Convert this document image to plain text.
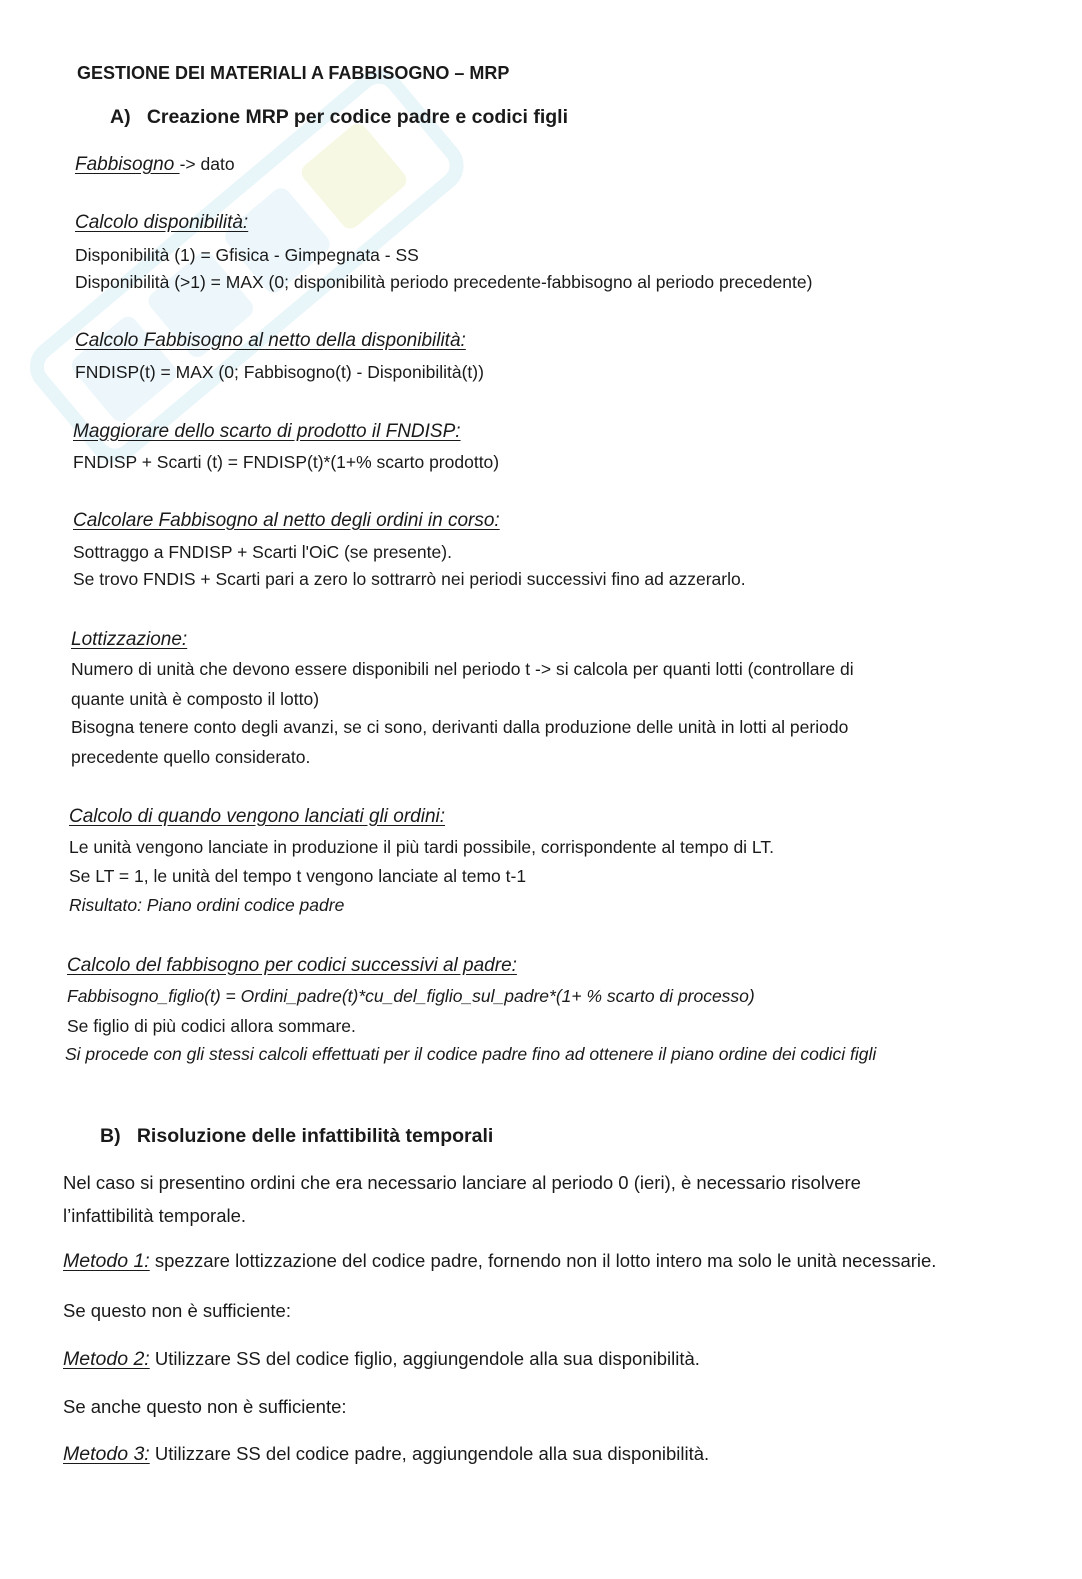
GESTIONE DEI MATERIALI A FABBISOGNO – MRP
A) Creazione MRP per codice padre e codici figli
Fabbisogno -> dato
Calcolo disponibilità:
Disponibilità (1) = Gfisica - Gimpegnata - SS
Disponibilità (>1) = MAX (0; disponibilità periodo precedente-fabbisogno al periodo precedente)
Calcolo Fabbisogno al netto della disponibilità:
FNDISP(t) = MAX (0; Fabbisogno(t) - Disponibilità(t))
Maggiorare dello scarto di prodotto il FNDISP:
FNDISP + Scarti (t) = FNDISP(t)*(1+% scarto prodotto)
Calcolare Fabbisogno al netto degli ordini in corso:
Sottraggo a FNDISP + Scarti l'OiC (se presente).
Se trovo FNDIS + Scarti pari a zero lo sottrarrò nei periodi successivi fino ad azzerarlo.
Lottizzazione:
Numero di unità che devono essere disponibili nel periodo t -> si calcola per quanti lotti (controllare di
quante unità è composto il lotto)
Bisogna tenere conto degli avanzi, se ci sono, derivanti dalla produzione delle unità in lotti al periodo
precedente quello considerato.
Calcolo di quando vengono lanciati gli ordini:
Le unità vengono lanciate in produzione il più tardi possibile, corrispondente al tempo di LT.
Se LT = 1, le unità del tempo t vengono lanciate al temo t-1
Risultato: Piano ordini codice padre
Calcolo del fabbisogno per codici successivi al padre:
Fabbisogno_figlio(t) = Ordini_padre(t)*cu_del_figlio_sul_padre*(1+ % scarto di processo)
Se figlio di più codici allora sommare.
Si procede con gli stessi calcoli effettuati per il codice padre fino ad ottenere il piano ordine dei codici figli
B) Risoluzione delle infattibilità temporali
Nel caso si presentino ordini che era necessario lanciare al periodo 0 (ieri), è necessario risolvere
l’infattibilità temporale.
Metodo 1: spezzare lottizzazione del codice padre, fornendo non il lotto intero ma solo le unità necessarie.
Se questo non è sufficiente:
Metodo 2: Utilizzare SS del codice figlio, aggiungendole alla sua disponibilità.
Se anche questo non è sufficiente:
Metodo 3: Utilizzare SS del codice padre, aggiungendole alla sua disponibilità.
